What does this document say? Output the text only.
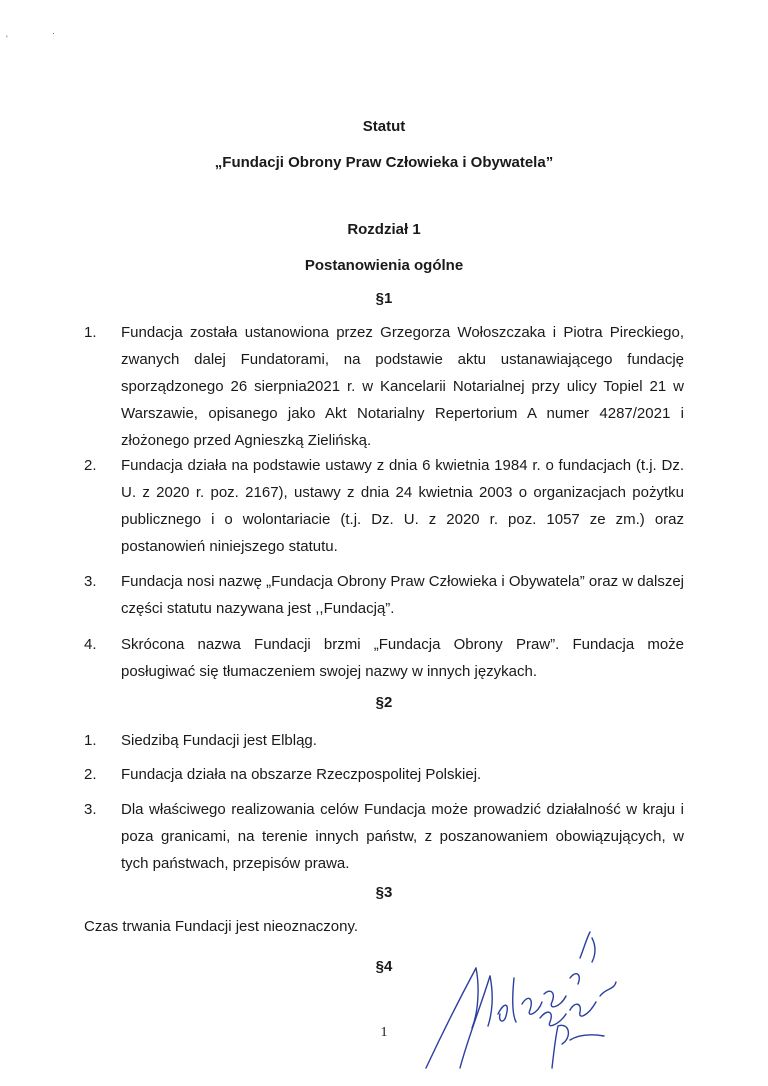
'
·
Statut
„Fundacji Obrony Praw Człowieka i Obywatela”
Rozdział 1
Postanowienia ogólne
§1
1.	Fundacja została ustanowiona przez Grzegorza Wołoszczaka i Piotra Pireckiego, zwanych dalej Fundatorami, na podstawie aktu ustanawiającego fundację sporządzonego 26 sierpnia2021 r. w Kancelarii Notarialnej przy ulicy Topiel 21 w Warszawie, opisanego jako Akt Notarialny Repertorium A numer 4287/2021 i złożonego przed Agnieszką Zielińską.
2.	Fundacja działa na podstawie ustawy z dnia 6 kwietnia 1984 r. o fundacjach (t.j. Dz. U. z 2020 r. poz. 2167), ustawy z dnia 24 kwietnia 2003 o organizacjach pożytku publicznego i o wolontariacie (t.j. Dz. U. z 2020 r. poz. 1057 ze zm.) oraz postanowień niniejszego statutu.
3.	Fundacja nosi nazwę „Fundacja Obrony Praw Człowieka i Obywatela” oraz w dalszej części statutu nazywana jest ,,Fundacją”.
4.	Skrócona nazwa Fundacji brzmi „Fundacja Obrony Praw”. Fundacja może posługiwać się tłumaczeniem swojej nazwy w innych językach.
§2
1.	Siedzibą Fundacji jest Elbląg.
2.	Fundacja działa na obszarze Rzeczpospolitej Polskiej.
3.	Dla właściwego realizowania celów Fundacja może prowadzić działalność w kraju i poza granicami, na terenie innych państw, z poszanowaniem obowiązujących, w tych państwach, przepisów prawa.
§3
Czas trwania Fundacji jest nieoznaczony.
§4
1
